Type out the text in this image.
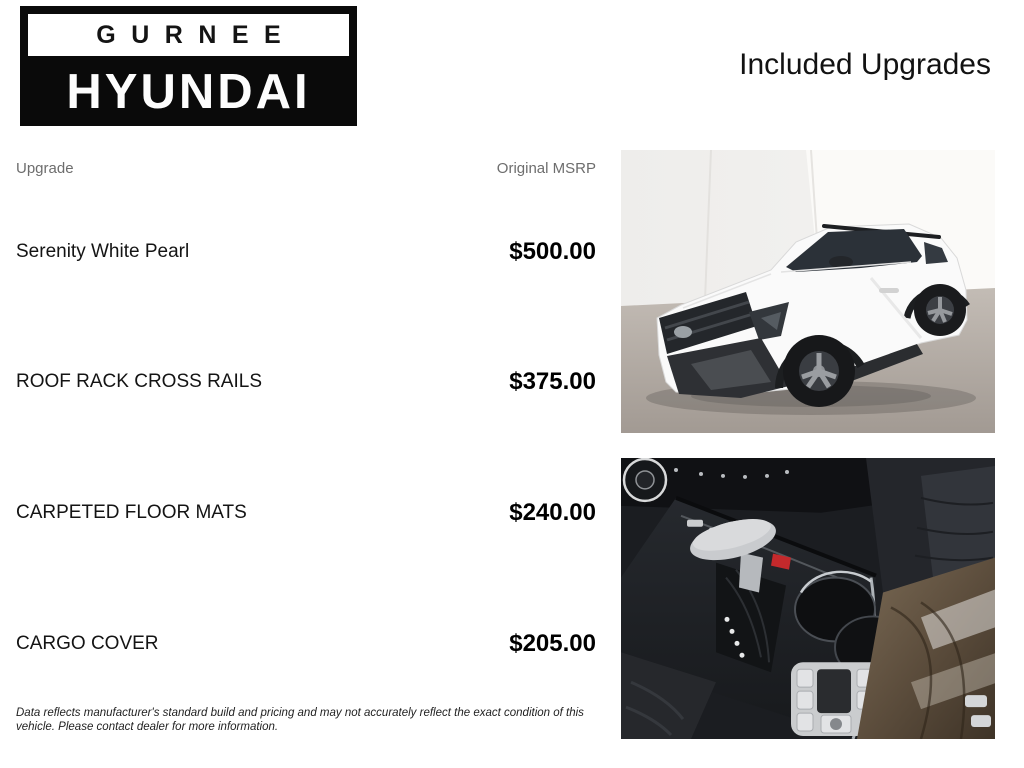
GURNEE
HYUNDAI
Included Upgrades
Upgrade	Original MSRP
Serenity White Pearl	$500.00
ROOF RACK CROSS RAILS	$375.00
CARPETED FLOOR MATS	$240.00
CARGO COVER	$205.00
Data reflects manufacturer's standard build and pricing and may not accurately reflect the exact condition of this vehicle. Please contact dealer for more information.
